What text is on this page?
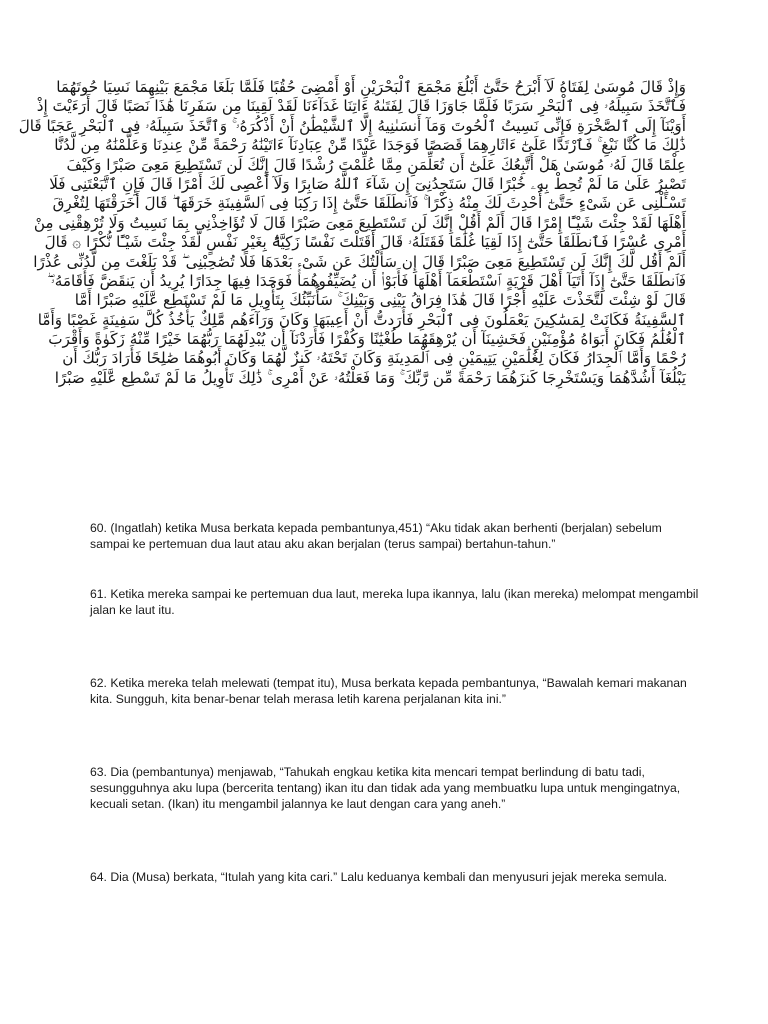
وَإِذْ قَالَ مُوسَىٰ لِفَتَاهُ لَآ أَبْرَحُ حَتَّىٰٓ أَبْلُغَ مَجْمَعَ ٱلْبَحْرَيْنِ أَوْ أَمْضِىَ حُقُبًا فَلَمَّا بَلَغَا مَجْمَعَ بَيْنِهِمَا نَسِيَا حُوتَهُمَا
فَٱتَّخَذَ سَبِيلَهُۥ فِى ٱلْبَحْرِ سَرَبًا فَلَمَّا جَاوَزَا قَالَ لِفَتَىٰهُ ءَاتِنَا غَدَآءَنَا لَقَدْ لَقِينَا مِن سَفَرِنَا هَٰذَا نَصَبًا قَالَ أَرَءَيْتَ إِذْ
أَوَيْنَآ إِلَى ٱلصَّخْرَةِ فَإِنِّى نَسِيتُ ٱلْحُوتَ وَمَآ أَنسَىٰنِيهُ إِلَّا ٱلشَّيْطَٰنُ أَنْ أَذْكُرَهُۥ ۚ وَٱتَّخَذَ سَبِيلَهُۥ فِى ٱلْبَحْرِ عَجَبًا قَالَ
ذَٰلِكَ مَا كُنَّا نَبْغِ ۚ فَٱرْتَدَّا عَلَىٰٓ ءَاثَارِهِمَا قَصَصًا فَوَجَدَا عَبْدًا مِّنْ عِبَادِنَآ ءَاتَيْنَٰهُ رَحْمَةً مِّنْ عِندِنَا وَعَلَّمْنَٰهُ مِن لَّدُنَّا
عِلْمًا قَالَ لَهُۥ مُوسَىٰ هَلْ أَتَّبِعُكَ عَلَىٰٓ أَن تُعَلِّمَنِ مِمَّا عُلِّمْتَ رُشْدًا قَالَ إِنَّكَ لَن تَسْتَطِيعَ مَعِىَ صَبْرًا وَكَيْفَ
تَصْبِرُ عَلَىٰ مَا لَمْ تُحِطْ بِهِۦ خُبْرًا قَالَ سَتَجِدُنِىٓ إِن شَآءَ ٱللَّهُ صَابِرًا وَلَآ أَعْصِى لَكَ أَمْرًا قَالَ فَإِنِ ٱتَّبَعْتَنِى فَلَا
تَسْـَٔلْنِى عَن شَىْءٍ حَتَّىٰٓ أُحْدِثَ لَكَ مِنْهُ ذِكْرًا ۚ فَٱنطَلَقَا حَتَّىٰٓ إِذَا رَكِبَا فِى ٱلسَّفِينَةِ خَرَقَهَا ۖ قَالَ أَخَرَقْتَهَا لِتُغْرِقَ
أَهْلَهَا لَقَدْ جِئْتَ شَيْـًٔا إِمْرًا قَالَ أَلَمْ أَقُلْ إِنَّكَ لَن تَسْتَطِيعَ مَعِىَ صَبْرًا قَالَ لَا تُؤَاخِذْنِى بِمَا نَسِيتُ وَلَا تُرْهِقْنِى مِنْ
أَمْرِى عُسْرًا فَٱنطَلَقَا حَتَّىٰٓ إِذَا لَقِيَا غُلَٰمًا فَقَتَلَهُۥ قَالَ أَقَتَلْتَ نَفْسًا زَكِيَّةًۢ بِغَيْرِ نَفْسٍ لَّقَدْ جِئْتَ شَيْـًٔا نُّكْرًا ۞ قَالَ
أَلَمْ أَقُل لَّكَ إِنَّكَ لَن تَسْتَطِيعَ مَعِىَ صَبْرًا قَالَ إِن سَأَلْتُكَ عَن شَىْءٍۭ بَعْدَهَا فَلَا تُصَٰحِبْنِى ۖ قَدْ بَلَغْتَ مِن لَّدُنِّى عُذْرًا
فَٱنطَلَقَا حَتَّىٰٓ إِذَآ أَتَيَآ أَهْلَ قَرْيَةٍ ٱسْتَطْعَمَآ أَهْلَهَا فَأَبَوْا۟ أَن يُضَيِّفُوهُمَا فَوَجَدَا فِيهَا جِدَارًا يُرِيدُ أَن يَنقَضَّ فَأَقَامَهُۥ ۖ
قَالَ لَوْ شِئْتَ لَتَّخَذْتَ عَلَيْهِ أَجْرًا قَالَ هَٰذَا فِرَاقُ بَيْنِى وَبَيْنِكَ ۚ سَأُنَبِّئُكَ بِتَأْوِيلِ مَا لَمْ تَسْتَطِع عَّلَيْهِ صَبْرًا أَمَّا
ٱلسَّفِينَةُ فَكَانَتْ لِمَسَٰكِينَ يَعْمَلُونَ فِى ٱلْبَحْرِ فَأَرَدتُّ أَنْ أَعِيبَهَا وَكَانَ وَرَآءَهُم مَّلِكٌ يَأْخُذُ كُلَّ سَفِينَةٍ غَصْبًا وَأَمَّا
ٱلْغُلَٰمُ فَكَانَ أَبَوَاهُ مُؤْمِنَيْنِ فَخَشِينَآ أَن يُرْهِقَهُمَا طُغْيَٰنًا وَكُفْرًا فَأَرَدْنَآ أَن يُبْدِلَهُمَا رَبُّهُمَا خَيْرًا مِّنْهُ زَكَوٰةً وَأَقْرَبَ
رُحْمًا وَأَمَّا ٱلْجِدَارُ فَكَانَ لِغُلَٰمَيْنِ يَتِيمَيْنِ فِى ٱلْمَدِينَةِ وَكَانَ تَحْتَهُۥ كَنزٌ لَّهُمَا وَكَانَ أَبُوهُمَا صَٰلِحًا فَأَرَادَ رَبُّكَ أَن
يَبْلُغَآ أَشُدَّهُمَا وَيَسْتَخْرِجَا كَنزَهُمَا رَحْمَةً مِّن رَّبِّكَ ۚ وَمَا فَعَلْتُهُۥ عَنْ أَمْرِى ۚ ذَٰلِكَ تَأْوِيلُ مَا لَمْ تَسْطِع عَّلَيْهِ صَبْرًا

60. (Ingatlah) ketika Musa berkata kepada pembantunya,451) “Aku tidak akan berhenti (berjalan) sebelum sampai ke pertemuan dua laut atau aku akan berjalan (terus sampai) bertahun-tahun.”

61. Ketika mereka sampai ke pertemuan dua laut, mereka lupa ikannya, lalu (ikan mereka) melompat mengambil jalan ke laut itu.

62. Ketika mereka telah melewati (tempat itu), Musa berkata kepada pembantunya, “Bawalah kemari makanan kita. Sungguh, kita benar-benar telah merasa letih karena perjalanan kita ini.”

63. Dia (pembantunya) menjawab, “Tahukah engkau ketika kita mencari tempat berlindung di batu tadi, sesungguhnya aku lupa (bercerita tentang) ikan itu dan tidak ada yang membuatku lupa untuk mengingatnya, kecuali setan. (Ikan) itu mengambil jalannya ke laut dengan cara yang aneh.”

64. Dia (Musa) berkata, “Itulah yang kita cari.” Lalu keduanya kembali dan menyusuri jejak mereka semula.
